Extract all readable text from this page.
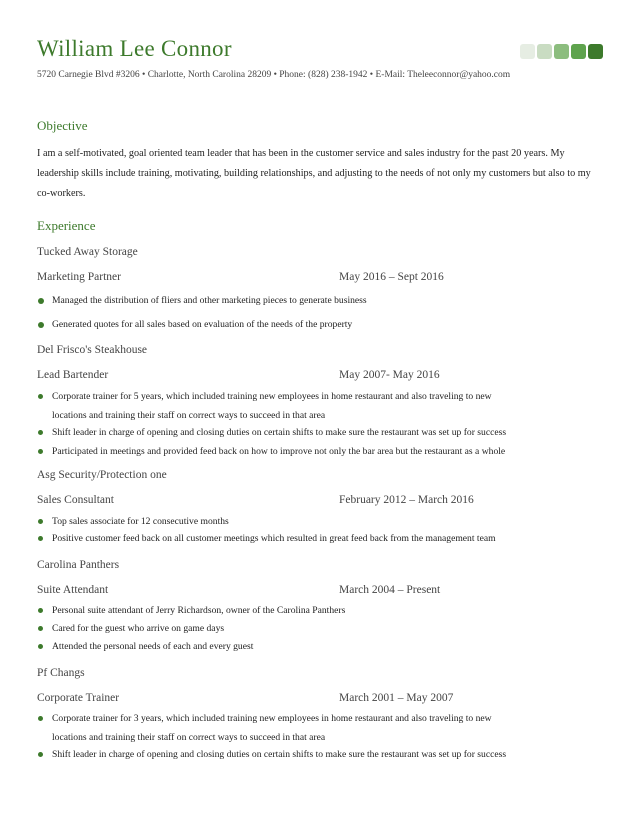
William Lee Connor
5720 Carnegie Blvd #3206 • Charlotte, North Carolina 28209 • Phone: (828) 238-1942 • E-Mail: Theleeconnor@yahoo.com
Objective
I am a self-motivated, goal oriented team leader that has been in the customer service and sales industry for the past 20 years. My leadership skills include training, motivating, building relationships, and adjusting to the needs of not only my customers but also to my co-workers.
Experience
Tucked Away Storage
Marketing Partner	May 2016 – Sept 2016
Managed the distribution of fliers and other marketing pieces to generate business
Generated quotes for all sales based on evaluation of the needs of the property
Del Frisco's Steakhouse
Lead Bartender	May 2007- May 2016
Corporate trainer for 5 years, which included training new employees in home restaurant and also traveling to new
locations and training their staff on correct ways to succeed in that area
Shift leader in charge of opening and closing duties on certain shifts to make sure the restaurant was set up for success
Participated in meetings and provided feed back on how to improve not only the bar area but the restaurant as a whole
Asg Security/Protection one
Sales Consultant	February 2012 – March 2016
Top sales associate for 12 consecutive months
Positive customer feed back on all customer meetings which resulted in great feed back from the management team
Carolina Panthers
Suite Attendant	March 2004 – Present
Personal suite attendant of Jerry Richardson, owner of the Carolina Panthers
Cared for the guest who arrive on game days
Attended the personal needs of each and every guest
Pf Changs
Corporate Trainer	March 2001 – May 2007
Corporate trainer for 3 years, which included training new employees in home restaurant and also traveling to new
locations and training their staff on correct ways to succeed in that area
Shift leader in charge of opening and closing duties on certain shifts to make sure the restaurant was set up for success
